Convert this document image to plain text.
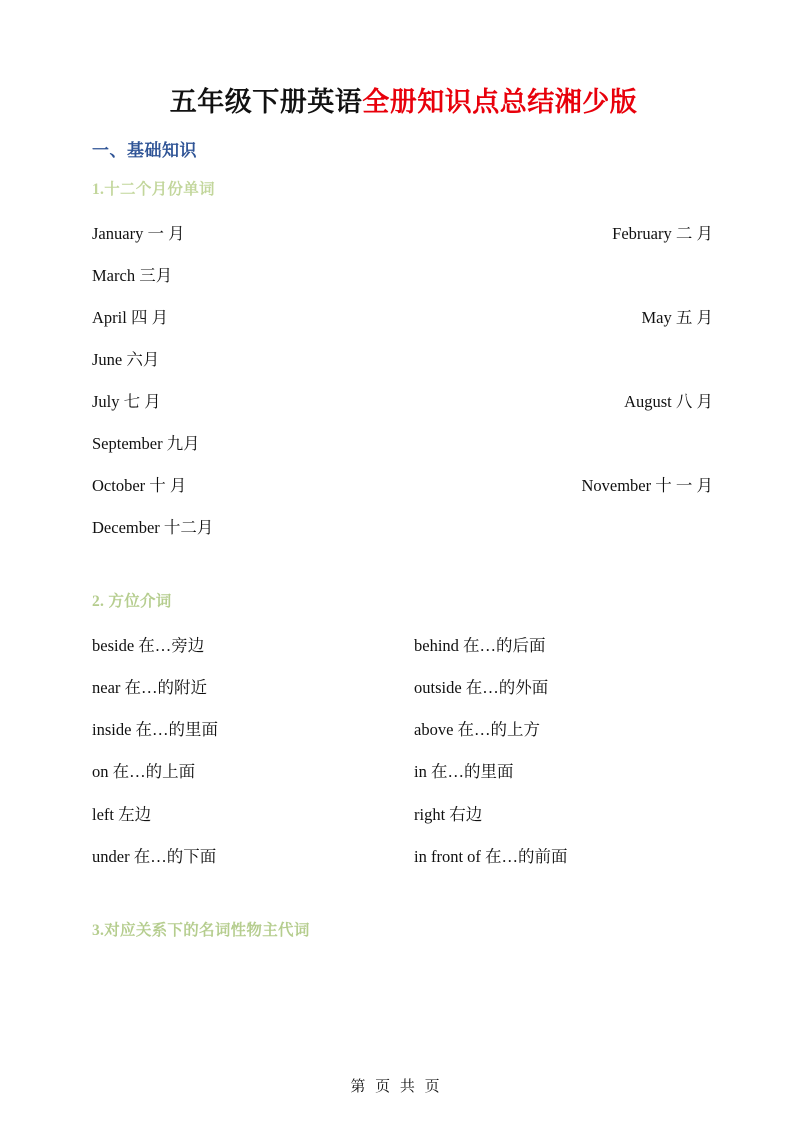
五年级下册英语全册知识点总结湘少版
一、基础知识
1.十二个月份单词
January 一 月	February 二 月
March 三月
April 四 月	May 五 月
June 六月
July 七 月	August 八 月
September 九月
October 十 月	November 十 一 月
December 十二月
2. 方位介词
beside 在…旁边	behind 在…的后面
near 在…的附近	outside 在…的外面
inside 在…的里面	above 在…的上方
on 在…的上面	in 在…的里面
left 左边	right 右边
under 在…的下面	in front of 在…的前面
3.对应关系下的名词性物主代词
第 页 共 页
